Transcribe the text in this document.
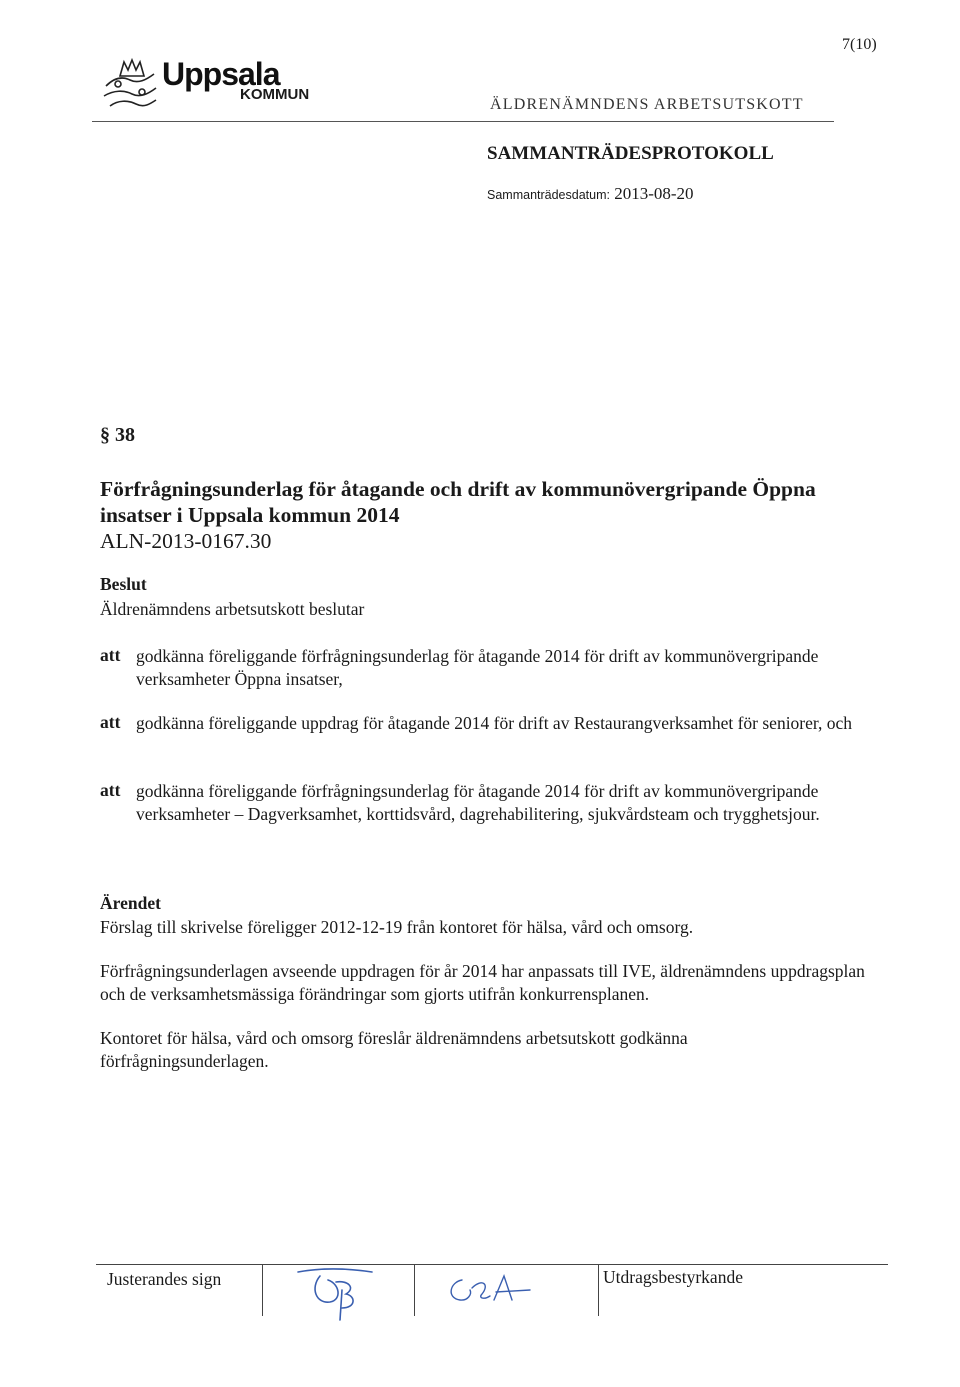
7(10)
Uppsala
KOMMUN
ÄLDRENÄMNDENS ARBETSUTSKOTT
SAMMANTRÄDESPROTOKOLL
Sammanträdesdatum: 2013-08-20
§ 38
Förfrågningsunderlag för åtagande och drift av kommunövergripande Öppna insatser i Uppsala kommun 2014
ALN-2013-0167.30
Beslut
Äldrenämndens arbetsutskott beslutar
att godkänna föreliggande förfrågningsunderlag för åtagande 2014 för drift av kommunövergripande verksamheter Öppna insatser,
att godkänna föreliggande uppdrag för åtagande 2014 för drift av Restaurangverksamhet för seniorer, och
att godkänna föreliggande förfrågningsunderlag för åtagande 2014 för drift av kommunövergripande verksamheter – Dagverksamhet, korttidsvård, dagrehabilitering, sjukvårdsteam och trygghetsjour.
Ärendet
Förslag till skrivelse föreligger 2012-12-19 från kontoret för hälsa, vård och omsorg.
Förfrågningsunderlagen avseende uppdragen för år 2014 har anpassats till IVE, äldrenämndens uppdragsplan och de verksamhetsmässiga förändringar som gjorts utifrån konkurrensplanen.
Kontoret för hälsa, vård och omsorg föreslår äldrenämndens arbetsutskott godkänna förfrågningsunderlagen.
Justerandes sign	Utdragsbestyrkande
